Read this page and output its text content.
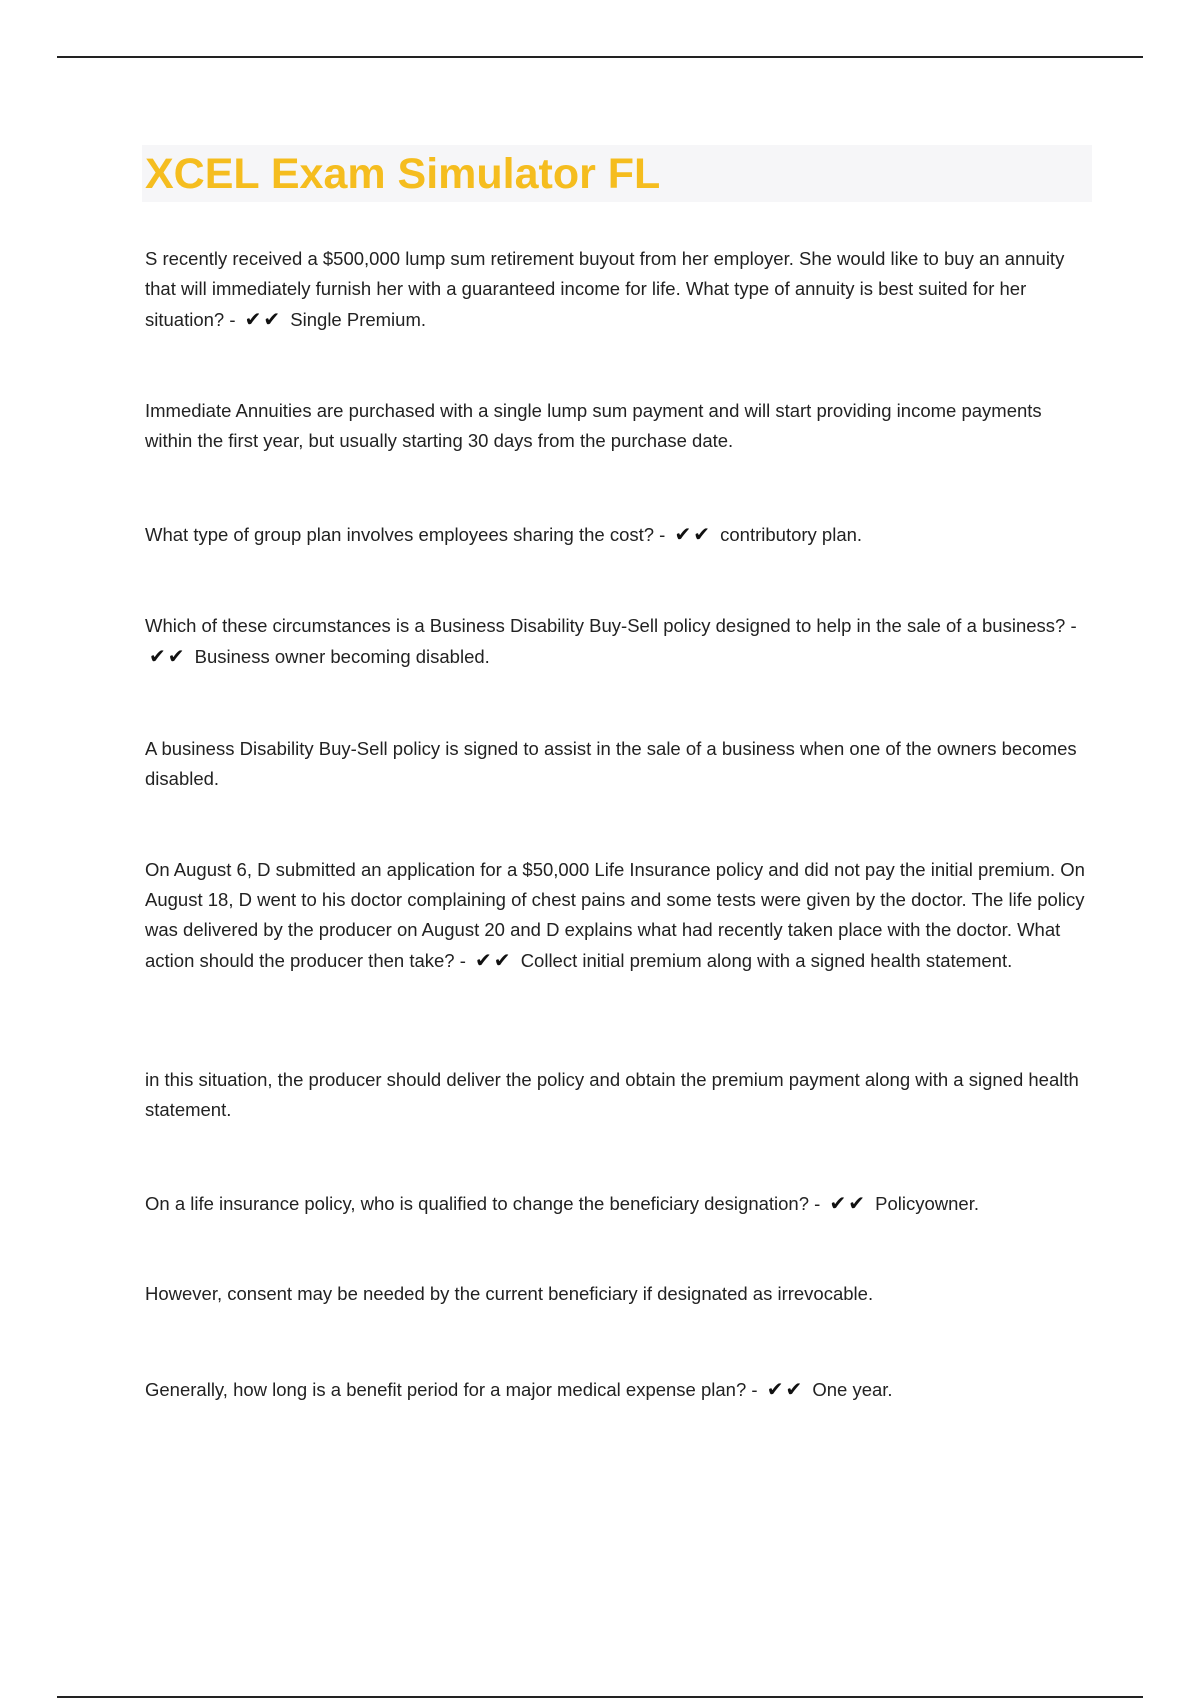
XCEL Exam Simulator FL

S recently received a $500,000 lump sum retirement buyout from her employer. She would like to buy an annuity that will immediately furnish her with a guaranteed income for life. What type of annuity is best suited for her situation? - ✔✔ Single Premium.

Immediate Annuities are purchased with a single lump sum payment and will start providing income payments within the first year, but usually starting 30 days from the purchase date.

What type of group plan involves employees sharing the cost? - ✔✔ contributory plan.

Which of these circumstances is a Business Disability Buy-Sell policy designed to help in the sale of a business? - ✔✔ Business owner becoming disabled.

A business Disability Buy-Sell policy is signed to assist in the sale of a business when one of the owners becomes disabled.

On August 6, D submitted an application for a $50,000 Life Insurance policy and did not pay the initial premium. On August 18, D went to his doctor complaining of chest pains and some tests were given by the doctor. The life policy was delivered by the producer on August 20 and D explains what had recently taken place with the doctor. What action should the producer then take? - ✔✔ Collect initial premium along with a signed health statement.

in this situation, the producer should deliver the policy and obtain the premium payment along with a signed health statement.

On a life insurance policy, who is qualified to change the beneficiary designation? - ✔✔ Policyowner.

However, consent may be needed by the current beneficiary if designated as irrevocable.

Generally, how long is a benefit period for a major medical expense plan? - ✔✔ One year.
